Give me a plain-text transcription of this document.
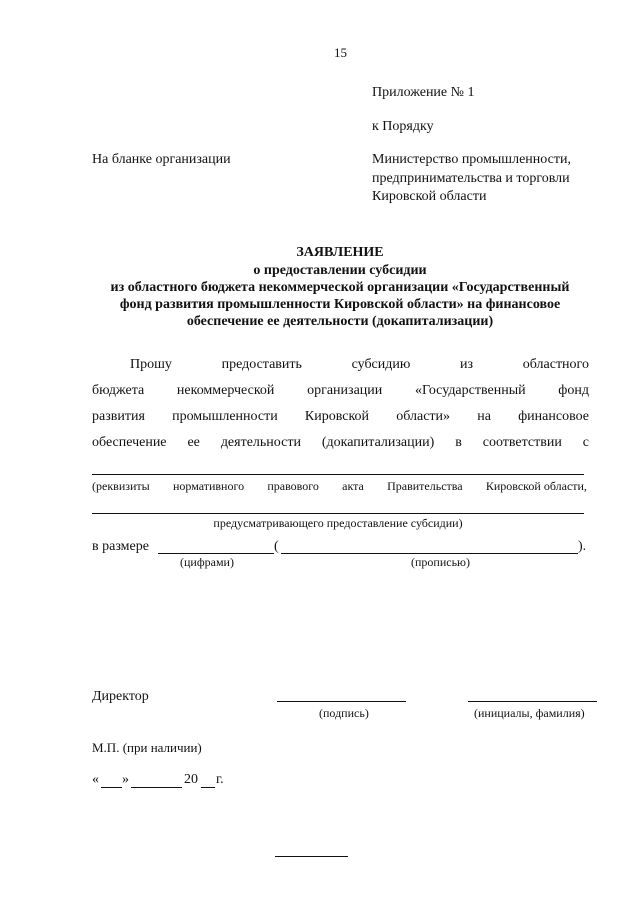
15
Приложение № 1
к Порядку
На бланке организации	Министерство промышленности,
предпринимательства и торговли
Кировской области
ЗАЯВЛЕНИЕ
о предоставлении субсидии
из областного бюджета некоммерческой организации «Государственный
фонд развития промышленности Кировской области» на финансовое
обеспечение ее деятельности (докапитализации)
Прошу	предоставить	субсидию	из	областного
бюджета некоммерческой организации «Государственный фонд
развития промышленности Кировской области» на финансовое
обеспечение ее деятельности (докапитализации) в соответствии с
(реквизиты нормативного правового акта Правительства Кировской области,
предусматривающего предоставление субсидии)
в размере	(	).
(цифрами)	(прописью)
Директор
(подпись)	(инициалы, фамилия)
М.П. (при наличии)
« »	20 г.
